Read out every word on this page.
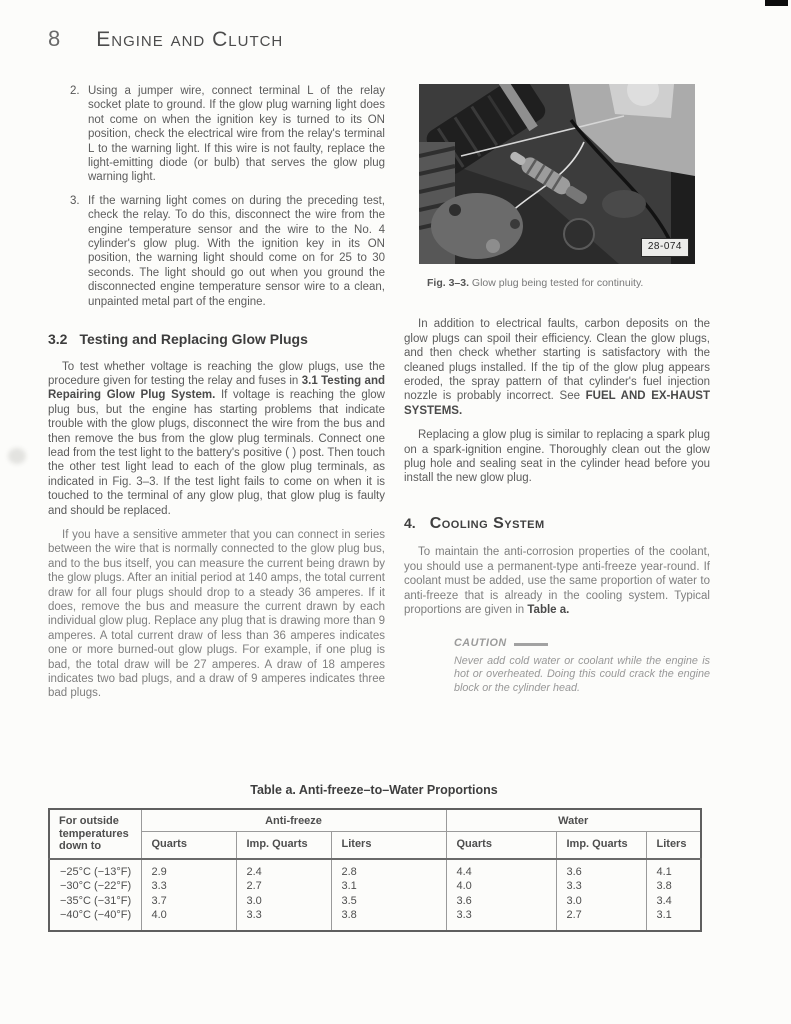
8 Engine and Clutch
2. Using a jumper wire, connect terminal L of the relay socket plate to ground. If the glow plug warning light does not come on when the ignition key is turned to its ON position, check the electrical wire from the relay's terminal L to the warning light. If this wire is not faulty, replace the light-emitting diode (or bulb) that serves the glow plug warning light.
3. If the warning light comes on during the preceding test, check the relay. To do this, disconnect the wire from the engine temperature sensor and the wire to the No. 4 cylinder's glow plug. With the ignition key in its ON position, the warning light should come on for 25 to 30 seconds. The light should go out when you ground the disconnected engine temperature sensor wire to a clean, unpainted metal part of the engine.
3.2 Testing and Replacing Glow Plugs

To test whether voltage is reaching the glow plugs, use the procedure given for testing the relay and fuses in 3.1 Testing and Repairing Glow Plug System. If voltage is reaching the glow plug bus, but the engine has starting problems that indicate trouble with the glow plugs, disconnect the wire from the bus and then remove the bus from the glow plug terminals. Connect one lead from the test light to the battery's positive ( ) post. Then touch the other test light lead to each of the glow plug terminals, as indicated in Fig. 3–3. If the test light fails to come on when it is touched to the terminal of any glow plug, that glow plug is faulty and should be replaced.

If you have a sensitive ammeter that you can connect in series between the wire that is normally connected to the glow plug bus, and to the bus itself, you can measure the current being drawn by the glow plugs. After an initial period at 140 amps, the total current draw for all four plugs should drop to a steady 36 amperes. If it does, remove the bus and measure the current drawn by each individual glow plug. Replace any plug that is drawing more than 9 amperes. A total current draw of less than 36 amperes indicates one or more burned-out glow plugs. For example, if one plug is bad, the total draw will be 27 amperes. A draw of 18 amperes indicates two bad plugs, and a draw of 9 amperes indicates three bad plugs.

28-074
Fig. 3–3. Glow plug being tested for continuity.

In addition to electrical faults, carbon deposits on the glow plugs can spoil their efficiency. Clean the glow plugs, and then check whether starting is satisfactory with the cleaned plugs installed. If the tip of the glow plug appears eroded, the spray pattern of that cylinder's fuel injection nozzle is probably incorrect. See FUEL AND EX‑HAUST SYSTEMS.

Replacing a glow plug is similar to replacing a spark plug on a spark-ignition engine. Thoroughly clean out the glow plug hole and sealing seat in the cylinder head before you install the new glow plug.

4. Cooling System

To maintain the anti-corrosion properties of the coolant, you should use a permanent-type anti-freeze year-round. If coolant must be added, use the same proportion of water to anti-freeze that is already in the cooling system. Typical proportions are given in Table a.

CAUTION
Never add cold water or coolant while the engine is hot or overheated. Doing this could crack the engine block or the cylinder head.
Table a. Anti-freeze–to–Water Proportions
For outside temperatures down to	Anti-freeze			Water		
	Quarts	Imp. Quarts	Liters	Quarts	Imp. Quarts	Liters
−25°C (−13°F)	2.9	2.4	2.8	4.4	3.6	4.1
−30°C (−22°F)	3.3	2.7	3.1	4.0	3.3	3.8
−35°C (−31°F)	3.7	3.0	3.5	3.6	3.0	3.4
−40°C (−40°F)	4.0	3.3	3.8	3.3	2.7	3.1
